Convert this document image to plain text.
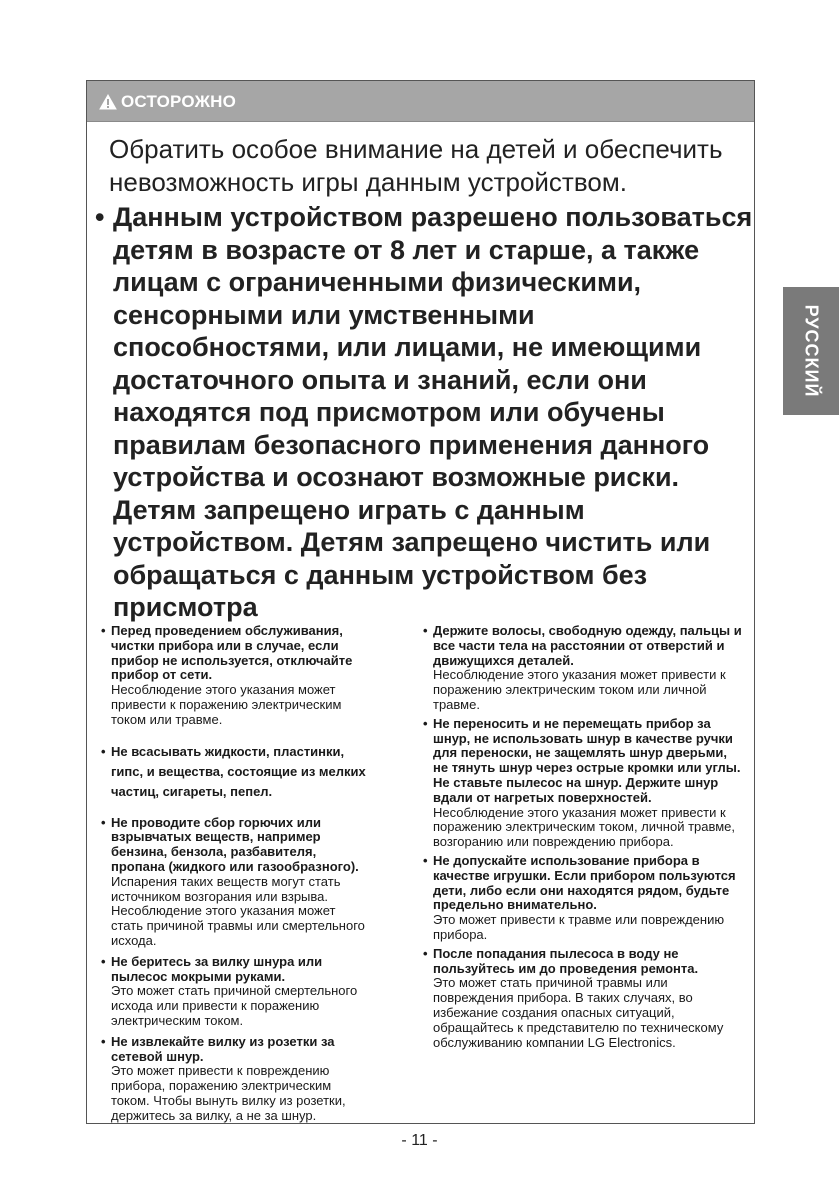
ОСТОРОЖНО
Обратить особое внимание на детей и обеспечить невозможность игры данным устройством.
• Данным устройством разрешено пользоваться детям в возрасте от 8 лет и старше, а также лицам с ограниченными физическими, сенсорными или умственными способностями, или лицами, не имеющими достаточного опыта и знаний, если они находятся под присмотром или обучены правилам безопасного применения данного устройства и осознают возможные риски. Детям запрещено играть с данным устройством. Детям запрещено чистить или обращаться с данным устройством без присмотра
• Перед проведением обслуживания, чистки прибора или в случае, если прибор не используется, отключайте прибор от сети.
Несоблюдение этого указания может привести к поражению электрическим током или травме.
• Не всасывать жидкости, пластинки, гипс, и вещества, состоящие из мелких частиц, сигареты, пепел.
• Не проводите сбор горючих или взрывчатых веществ, например бензина, бензола, разбавителя, пропана (жидкого или газообразного).
Испарения таких веществ могут стать источником возгорания или взрыва. Несоблюдение этого указания может стать причиной травмы или смертельного исхода.
• Не беритесь за вилку шнура или пылесос мокрыми руками.
Это может стать причиной смертельного исхода или привести к поражению электрическим током.
• Не извлекайте вилку из розетки за сетевой шнур.
Это может привести к повреждению прибора, поражению электрическим током. Чтобы вынуть вилку из розетки, держитесь за вилку, а не за шнур.
• Держите волосы, свободную одежду, пальцы и все части тела на расстоянии от отверстий и движущихся деталей.
Несоблюдение этого указания может привести к поражению электрическим током или личной травме.
• Не переносить и не перемещать прибор за шнур, не использовать шнур в качестве ручки для переноски, не защемлять шнур дверьми, не тянуть шнур через острые кромки или углы. Не ставьте пылесос на шнур. Держите шнур вдали от нагретых поверхностей.
Несоблюдение этого указания может привести к поражению электрическим током, личной травме, возгоранию или повреждению прибора.
• Не допускайте использование прибора в качестве игрушки. Если прибором пользуются дети, либо если они находятся рядом, будьте предельно внимательно.
Это может привести к травме или повреждению прибора.
• После попадания пылесоса в воду не пользуйтесь им до проведения ремонта.
Это может стать причиной травмы или повреждения прибора. В таких случаях, во избежание создания опасных ситуаций, обращайтесь к представителю по техническому обслуживанию компании LG Electronics.
РУССКИЙ
- 11 -
